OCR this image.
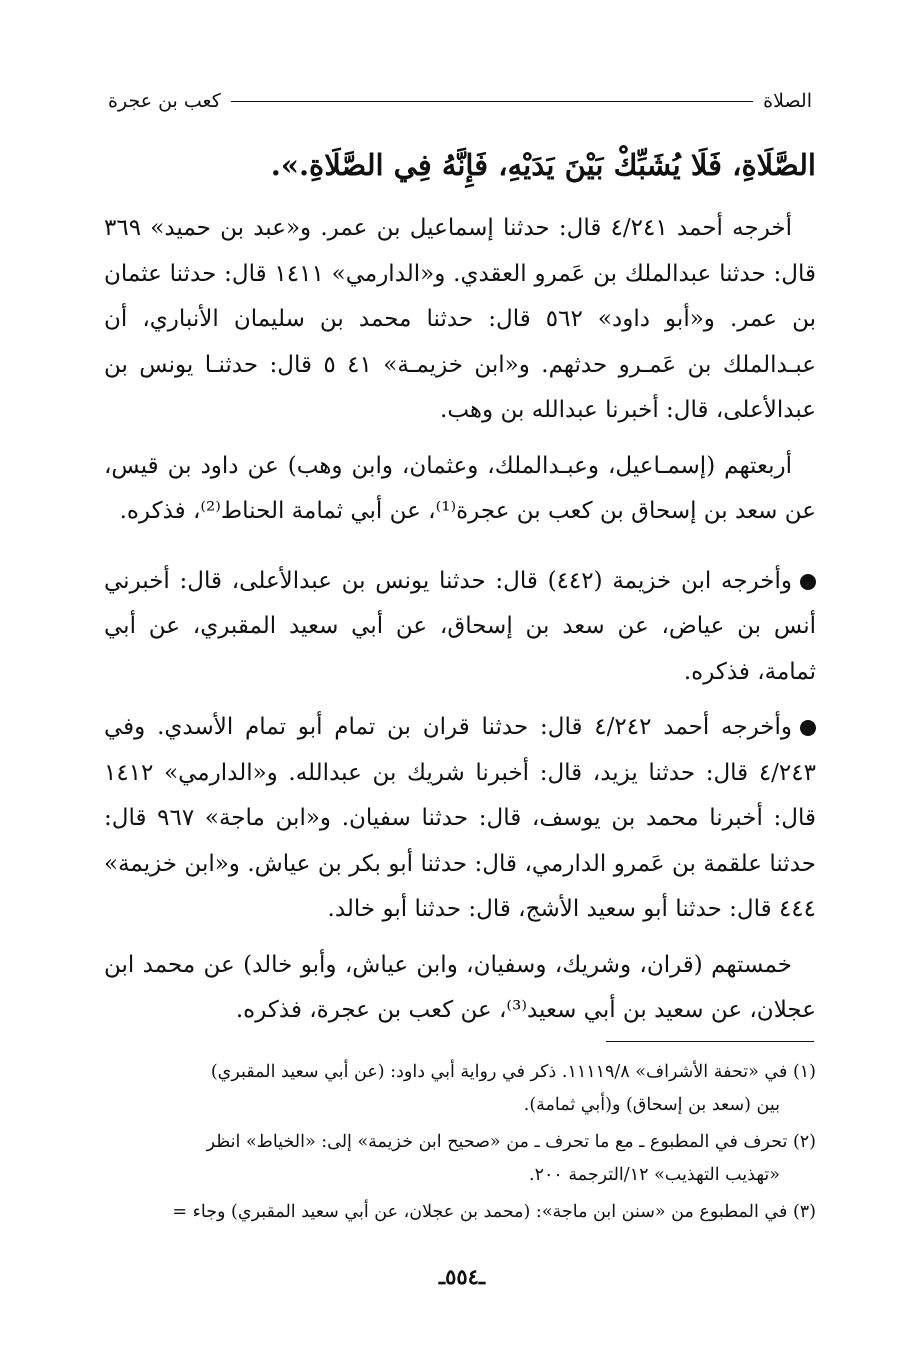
الصلاة
كعب بن عجرة

الصَّلَاةِ، فَلَا يُشَبِّكْ بَيْنَ يَدَيْهِ، فَإِنَّهُ فِي الصَّلَاةِ.».

أخرجه أحمد ٤/٢٤١ قال: حدثنا إسماعيل بن عمر. و«عبد بن حميد» ٣٦٩ قال: حدثنا عبدالملك بن عَمرو العقدي. و«الدارمي» ١٤١١ قال: حدثنا عثمان بن عمر. و«أبو داود» ٥٦٢ قال: حدثنا محمد بن سليمان الأنباري، أن عبـدالملك بن عَمـرو حدثهم. و«ابن خزيمـة» ٤١ ٥ قال: حدثنـا يونس بن عبدالأعلى، قال: أخبرنا عبدالله بن وهب.

أربعتهم (إسمـاعيل، وعبـدالملك، وعثمان، وابن وهب) عن داود بن قيس، عن سعد بن إسحاق بن كعب بن عجرة⁽¹⁾، عن أبي ثمامة الحناط⁽²⁾، فذكره.

وأخرجه ابن خزيمة (٤٤٢) قال: حدثنا يونس بن عبدالأعلى، قال: أخبرني أنس بن عياض، عن سعد بن إسحاق، عن أبي سعيد المقبري، عن أبي ثمامة، فذكره.

وأخرجه أحمد ٤/٢٤٢ قال: حدثنا قران بن تمام أبو تمام الأسدي. وفي ٤/٢٤٣ قال: حدثنا يزيد، قال: أخبرنا شريك بن عبدالله. و«الدارمي» ١٤١٢ قال: أخبرنا محمد بن يوسف، قال: حدثنا سفيان. و«ابن ماجة» ٩٦٧ قال: حدثنا علقمة بن عَمرو الدارمي، قال: حدثنا أبو بكر بن عياش. و«ابن خزيمة» ٤٤٤ قال: حدثنا أبو سعيد الأشج، قال: حدثنا أبو خالد.

خمستهم (قران، وشريك، وسفيان، وابن عياش، وأبو خالد) عن محمد ابن عجلان، عن سعيد بن أبي سعيد⁽³⁾، عن كعب بن عجرة، فذكره.

(١) في «تحفة الأشراف» ١١١١٩/٨. ذكر في رواية أبي داود: (عن أبي سعيد المقبري)
بين (سعد بن إسحاق) و(أبي ثمامة).

(٢) تحرف في المطبوع ـ مع ما تحرف ـ من «صحيح ابن خزيمة» إلى: «الخياط» انظر
«تهذيب التهذيب» ١٢/الترجمة ٢٠٠.

(٣) في المطبوع من «سنن ابن ماجة»: (محمد بن عجلان، عن أبي سعيد المقبري) وجاء =

ـ٥٥٤ـ
